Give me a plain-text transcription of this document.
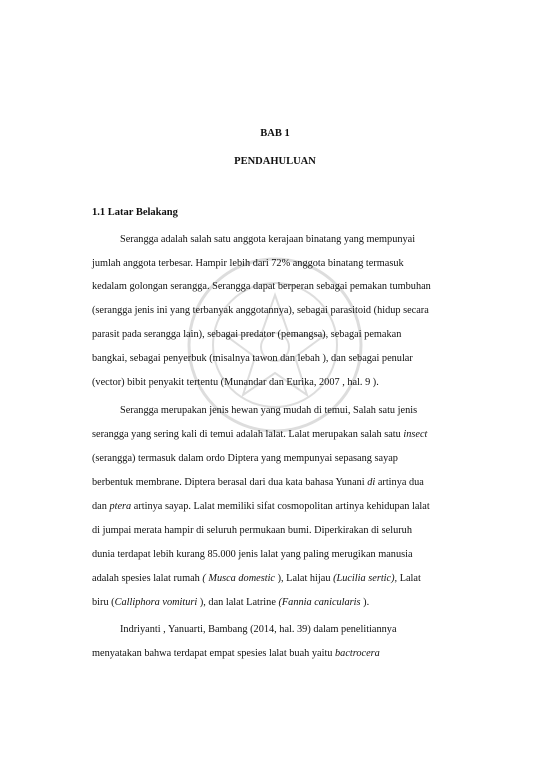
BAB 1
PENDAHULUAN
1.1 Latar Belakang
Serangga adalah salah satu anggota kerajaan binatang yang mempunyai
jumlah anggota terbesar. Hampir lebih dari 72% anggota binatang termasuk
kedalam golongan serangga. Serangga dapat berperan sebagai pemakan tumbuhan
(serangga jenis ini yang terbanyak anggotannya), sebagai parasitoid (hidup secara
parasit pada serangga lain), sebagai predator (pemangsa), sebagai pemakan
bangkai, sebagai penyerbuk (misalnya tawon dan lebah ), dan sebagai penular
(vector) bibit penyakit tertentu (Munandar dan Eurika, 2007 , hal. 9 ).
Serangga merupakan jenis hewan yang mudah di temui, Salah satu jenis
serangga yang sering kali di temui adalah lalat. Lalat merupakan salah satu insect
(serangga) termasuk dalam ordo Diptera yang mempunyai sepasang sayap
berbentuk membrane. Diptera berasal dari dua kata bahasa Yunani di artinya dua
dan ptera artinya sayap. Lalat memiliki sifat cosmopolitan artinya kehidupan lalat
di jumpai merata hampir di seluruh permukaan bumi. Diperkirakan di seluruh
dunia terdapat lebih kurang 85.000 jenis lalat yang paling merugikan manusia
adalah spesies lalat rumah ( Musca domestic ), Lalat hijau (Lucilia sertic), Lalat
biru (Calliphora vomituri ), dan lalat Latrine (Fannia canicularis ).
Indriyanti , Yanuarti, Bambang (2014, hal. 39) dalam penelitiannya
menyatakan bahwa terdapat empat spesies lalat buah yaitu bactrocera
